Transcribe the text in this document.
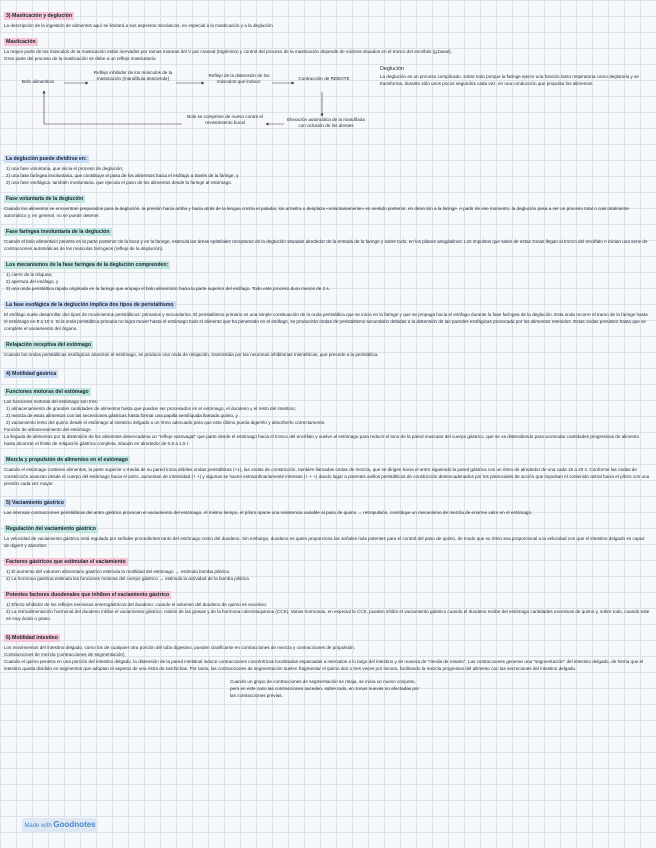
3) Masticación y deglución

La descripción de la ingestión de alimentos aquí se limitará a sus aspectos mecánicos, en especial a la masticación y a la deglución.

Masticación

La mayor parte de los músculos de la masticación están inervados por ramas motoras del V par craneal (trigémino) y control del proceso de la masticación depende de núcleos situados en el tronco del encéfalo (g.basal).

Gran parte del proceso de la masticación se debe a un reflejo masticatorio.

Bolo alimenticio
Reflejo inhibidor de los músculos de la masticación (mandíbula desciende)
Reflejo de la distensión de los músculos que induce:
Contracción de REBOTE
Bolo se comprime de nuevo contra el revestimiento bucal
Elevación automática de la mandíbula con oclusión de los dientes
Deglución
La deglución es un proceso complicado, sobre todo porque la faringe ejerce una función tanto respiratoria como deglutoria y se transforma, durante sólo unos pocos segundos cada vez, en una conducción que propulsa los alimentos
La deglución puede dividirse en:

1) una fase voluntaria, que inicia el proceso de deglución;

2) una fase faríngea involuntaria, que constituye el paso de los alimentos hacia el esófago a través de la faringe, y

3) una fase esofágica, también involuntaria, que ejecuta el paso de los alimentos desde la faringe al estómago.

Fase voluntaria de la deglución

Cuando los alimentos se encuentran preparados para la deglución, la presión hacia arriba y hacia atrás de la lengua contra el paladar, los arrastra o desplaza «voluntariamente» en sentido posterior, en dirección a la faringe. A partir de ese momento, la deglución pasa a ser un proceso total o casi totalmente automático y, en general, no se puede detener.

Fase faríngea involuntaria de la deglución

Cuando el bolo alimenticio penetra en la parte posterior de la boca y en la faringe, estimula las áreas epiteliales receptoras de la deglución situadas alrededor de la entrada de la faringe y sobre todo, en los pilares amigdalinos. Los impulsos que salen de estas zonas llegan al tronco del encéfalo e inician una serie de contracciones automáticas de los músculos faríngeos (reflejo de la deglución).

Los mecanismos de la fase faríngea de la deglución comprenden:

1) cierre de la tráquea;

2) apertura del esófago, y

3) una onda peristáltica rápida originada en la faringe que empuja el bolo alimenticio hacia la parte superior del esófago. Todo este proceso dura menos de 2 s.

La fase esofágica de la deglución implica dos tipos de peristaltismo

El esófago suele desarrollar dos tipos de movimientos peristálticos: primarios y secundarios. El peristaltismo primario es una simple continuación de la onda peristáltica que se inicia en la faringe y que se propaga hacia el esófago durante la fase faríngea de la deglución. Esta onda recorre el tramo de la faringe hasta el estómago en 8 a 10 s. Si la onda peristáltica primaria no logra mover hasta el estómago todo el alimento que ha penetrado en el esófago, se producirán ondas de peristaltismo secundario debidas a la distensión de las paredes esofágicas provocada por los alimentos retenidos. Estas ondas persisten hasta que se complete el vaciamiento del órgano.

Relajación receptiva del estómago

Cuando las ondas peristálticas esofágicas alcanzan el estómago, se produce una onda de relajación, transmitida por las neuronas inhibitorias mientéricas, que precede a la peristáltica.

4) Motilidad gástrica
Funciones motoras del estómago

Las funciones motoras del estómago son tres:

1) almacenamiento de grandes cantidades de alimentos hasta que puedan ser procesados en el estómago, el duodeno y el resto del intestino;

2) mezcla de estos alimentos con las secreciones gástricas hasta formar una papilla semilíquida llamada quimo, y

3) vaciamiento lento del quimo desde el estómago al intestino delgado a un ritmo adecuado para que este último pueda digerirlo y absorberlo correctamente.

Función de almacenamiento del estómago

La llegada de alimentos por la distensión de los alimentos desencadena un "reflejo vasovagal" que parte desde el estómago hacia el tronco del encéfalo y vuelve al estómago para reducir el tono de la pared muscular del cuerpo gástrico, que se va distendiendo para acomodar cantidades progresivas de alimento hasta alcanzar el límite de relajación gástrica completa, situado en alrededor de 0,8 a 1,5 l.

Mezcla y propulsión de alimentos en el estómago

Cuando el estómago contiene alimentos, la parte superior o media de su pared inicia débiles ondas peristálticas (+1), las ondas de constricción, también llamadas ondas de mezcla, que se dirigen hacia el antro siguiendo la pared gástrica con un ritmo de alrededor de una cada 15 a 20 s. Conforme las ondas de constricción avanzan desde el cuerpo del estómago hacia el antro, aumentan de intensidad (+ +) y algunas se hacen extraordinariamente intensas (+ + +) dando lugar a potentes anillos peristálticos de constricción desencadenados por los potenciales de acción que impulsan el contenido antral hacia el píloro con una presión cada vez mayor.

5) Vaciamiento gástrico

Las intensas contracciones peristálticas del antro gástrico provocan el vaciamiento del estómago. Al mismo tiempo, el píloro opone una resistencia variable al paso de quimo → retropulsión, constituye un mecanismo de mezcla de enorme valor en el estómago.

Regulación del vaciamiento gástrico

La velocidad de vaciamiento gástrico está regulada por señales procedentes tanto del estómago como del duodeno. Sin embargo, duodeno es quien proporciona las señales más potentes para el control del paso de quimo, de modo que su ritmo sea proporcional a la velocidad con que el intestino delgado es capaz de digerir y absorber.

Factores gástricos que estimulan el vaciamiento

1) El aumento del volumen alimentario gástrico estimula la motilidad del estómago → estimula bomba pilórica

2) La hormona gastrina estimula las funciones motoras del cuerpo gástrico → estimula la actividad de la bomba pilórica

Potentes factores duodenales que inhiben el vaciamiento gástrico

1) Efecto inhibidor de los reflejos nerviosos enterogástricos del duodeno: cuando el volumen del duodeno de quimo es excesivo.

2) La retroalimentación hormonal del duodeno inhibe el vaciamiento gástrico: misión de las grasas y de la hormona colecistoquinina (CCK). Varias hormonas, en especial la CCK, pueden inhibir el vaciamiento gástrico cuando el duodeno recibe del estómago cantidades excesivas de quimo y, sobre todo, cuando este es muy ácido o graso.

6) Motilidad intestino

Los movimientos del intestino delgado, como los de cualquier otra porción del tubo digestivo, pueden clasificarse en contracciones de mezcla y contracciones de propulsión.

Contracciones de mezcla (contracciones de segmentación)

Cuando el quimo penetra en una porción del intestino delgado, la distensión de la pared intestinal induce contracciones concéntricas localizadas espaciadas a intervalos a lo largo del intestino y de manera de "rienda de rosario". Las contracciones generan una "segmentación" del intestino delgado, de forma que el intestino queda dividido en segmentos que adoptan el aspecto de una ristra de salchichas. Por tanto, las contracciones de segmentación suelen fragmentar el quimo dos o tres veces por minuto, facilitando la mezcla progresiva del alimento con las secreciones del intestino delgado.

Cuando un grupo de contracciones de segmentación se relaja, se inicia un nuevo conjunto, pero en este caso las contracciones suceden, sobre todo, en zonas nuevas no afectadas por las contracciones previas.

Made with Goodnotes
